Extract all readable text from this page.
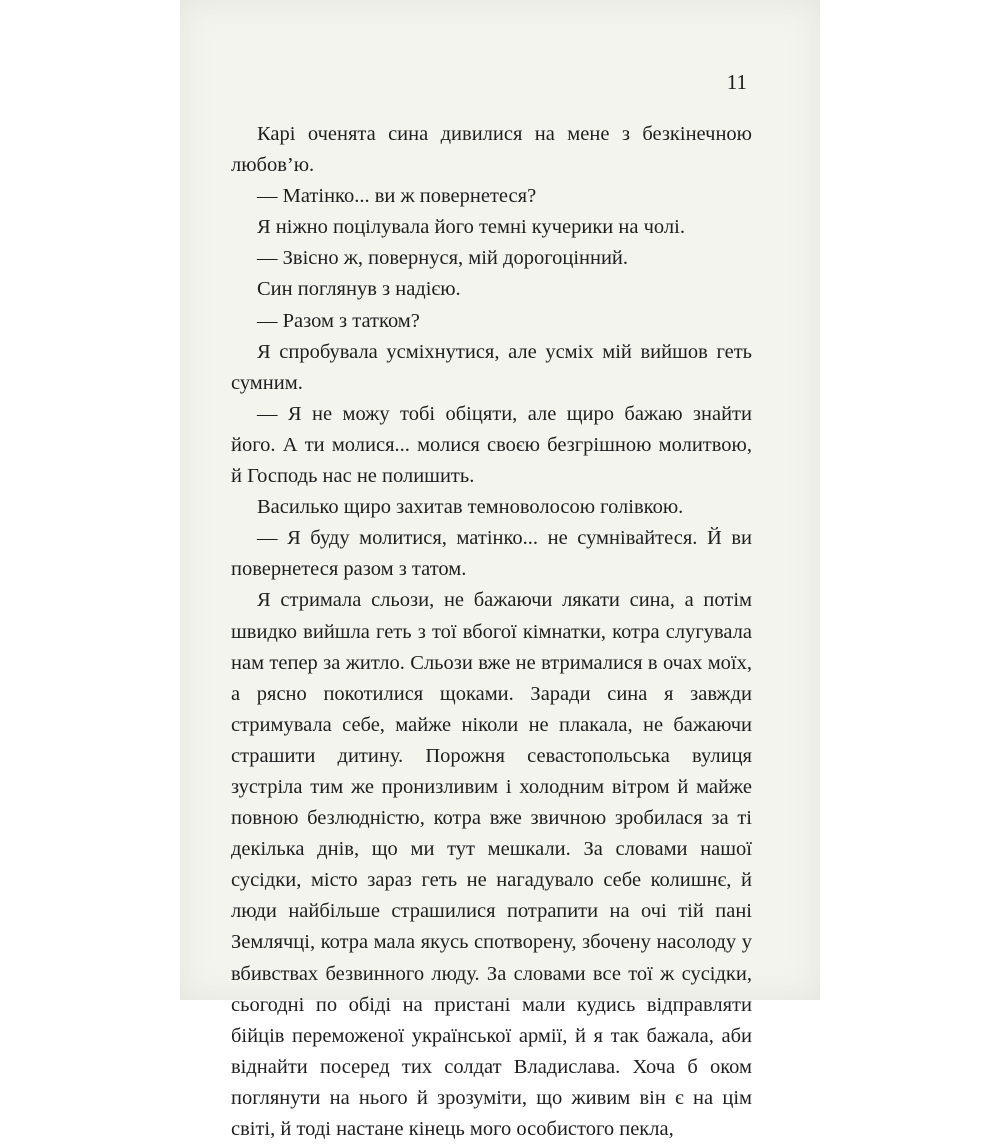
11

Карі оченята сина дивилися на мене з безкінечною любов’ю.

— Матінко... ви ж повернетеся?

Я ніжно поцілувала його темні кучерики на чолі.

— Звісно ж, повернуся, мій дорогоцінний.

Син поглянув з надією.

— Разом з татком?

Я спробувала усміхнутися, але усміх мій вийшов геть сумним.

— Я не можу тобі обіцяти, але щиро бажаю знайти його. А ти молися... молися своєю безгрішною молитвою, й Господь нас не полишить.

Василько щиро захитав темноволосою голівкою.

— Я буду молитися, матінко... не сумнівайтеся. Й ви повернетеся разом з татом.

Я стримала сльози, не бажаючи лякати сина, а потім швидко вийшла геть з тої вбогої кімнатки, котра слугувала нам тепер за житло. Сльози вже не втрималися в очах моїх, а рясно покотилися щоками. Заради сина я завжди стримувала себе, майже ніколи не плакала, не бажаючи страшити дитину. Порожня севастопольська вулиця зустріла тим же пронизливим і холодним вітром й майже повною безлюдністю, котра вже звичною зробилася за ті декілька днів, що ми тут мешкали. За словами нашої сусідки, місто зараз геть не нагадувало себе колишнє, й люди найбільше страшилися потрапити на очі тій пані Землячці, котра мала якусь спотворену, збочену насолоду у вбивствах безвинного люду. За словами все тої ж сусідки, сьогодні по обіді на пристані мали кудись відправляти бійців переможеної української армії, й я так бажала, аби віднайти посеред тих солдат Владислава. Хоча б оком поглянути на нього й зрозуміти, що живим він є на цім світі, й тоді настане кінець мого особистого пекла,
